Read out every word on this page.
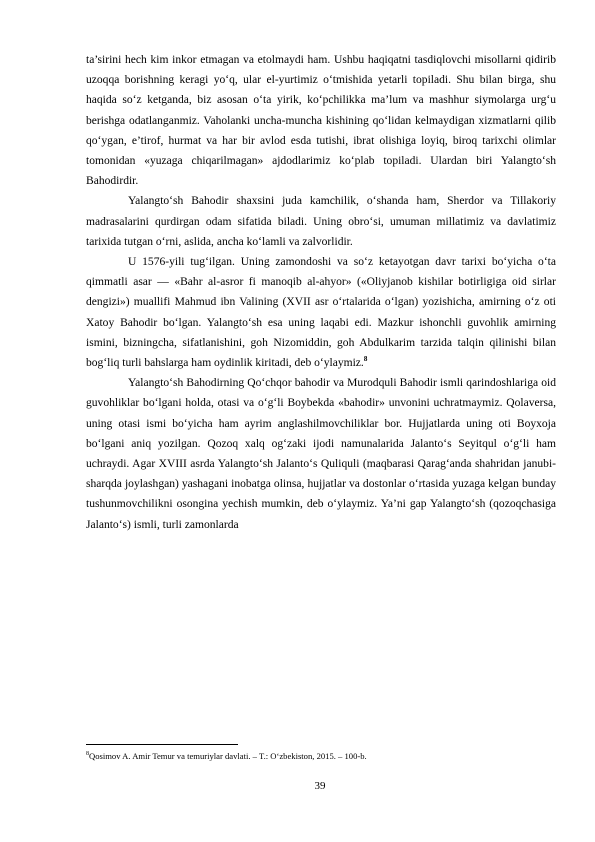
ta’sirini hech kim inkor etmagan va etolmaydi ham. Ushbu haqiqatni tasdiqlovchi misollarni qidirib uzoqqa borishning keragi yo‘q, ular el-yurtimiz o‘tmishida yetarli topiladi. Shu bilan birga, shu haqida so‘z ketganda, biz asosan o‘ta yirik, ko‘pchilikka ma’lum va mashhur siymolarga urg‘u berishga odatlanganmiz. Vaholanki uncha-muncha kishining qo‘lidan kelmaydigan xizmatlarni qilib qo‘ygan, e’tirof, hurmat va har bir avlod esda tutishi, ibrat olishiga loyiq, biroq tarixchi olimlar tomonidan «yuzaga chiqarilmagan» ajdodlarimiz ko‘plab topiladi. Ulardan biri Yalangto‘sh Bahodirdir.

Yalangto‘sh Bahodir shaxsini juda kamchilik, o‘shanda ham, Sherdor va Tillakoriy madrasalarini qurdirgan odam sifatida biladi. Uning obro‘si, umuman millatimiz va davlatimiz tarixida tutgan o‘rni, aslida, ancha ko‘lamli va zalvorlidir.

U 1576-yili tug‘ilgan. Uning zamondoshi va so‘z ketayotgan davr tarixi bo‘yicha o‘ta qimmatli asar — «Bahr al-asror fi manoqib al-ahyor» («Oliyjanob kishilar botirligiga oid sirlar dengizi») muallifi Mahmud ibn Valining (XVII asr o‘rtalarida o‘lgan) yozishicha, amirning o‘z oti Xatoy Bahodir bo‘lgan. Yalangto‘sh esa uning laqabi edi. Mazkur ishonchli guvohlik amirning ismini, bizningcha, sifatlanishini, goh Nizomiddin, goh Abdulkarim tarzida talqin qilinishi bilan bog‘liq turli bahslarga ham oydinlik kiritadi, deb o‘ylaymiz.$^8$

Yalangto‘sh Bahodirning Qo‘chqor bahodir va Murodquli Bahodir ismli qarindoshlariga oid guvohliklar bo‘lgani holda, otasi va o‘g‘li Boybekda «bahodir» unvonini uchratmaymiz. Qolaversa, uning otasi ismi bo‘yicha ham ayrim anglashilmovchiliklar bor. Hujjatlarda uning oti Boyxoja bo‘lgani aniq yozilgan. Qozoq xalq og‘zaki ijodi namunalarida Jalanto‘s Seyitqul o‘g‘li ham uchraydi. Agar XVIII asrda Yalangto‘sh Jalanto‘s Quliquli (maqbarasi Qarag‘anda shahridan janubi-sharqda joylashgan) yashagani inobatga olinsa, hujjatlar va dostonlar o‘rtasida yuzaga kelgan bunday tushunmovchilikni osongina yechish mumkin, deb o‘ylaymiz. Ya’ni gap Yalangto‘sh (qozoqchasiga Jalanto‘s) ismli, turli zamonlarda

$^8$Qosimov A. Amir Temur va temuriylar davlati. – T.: O‘zbekiston, 2015. – 100-b.
39
